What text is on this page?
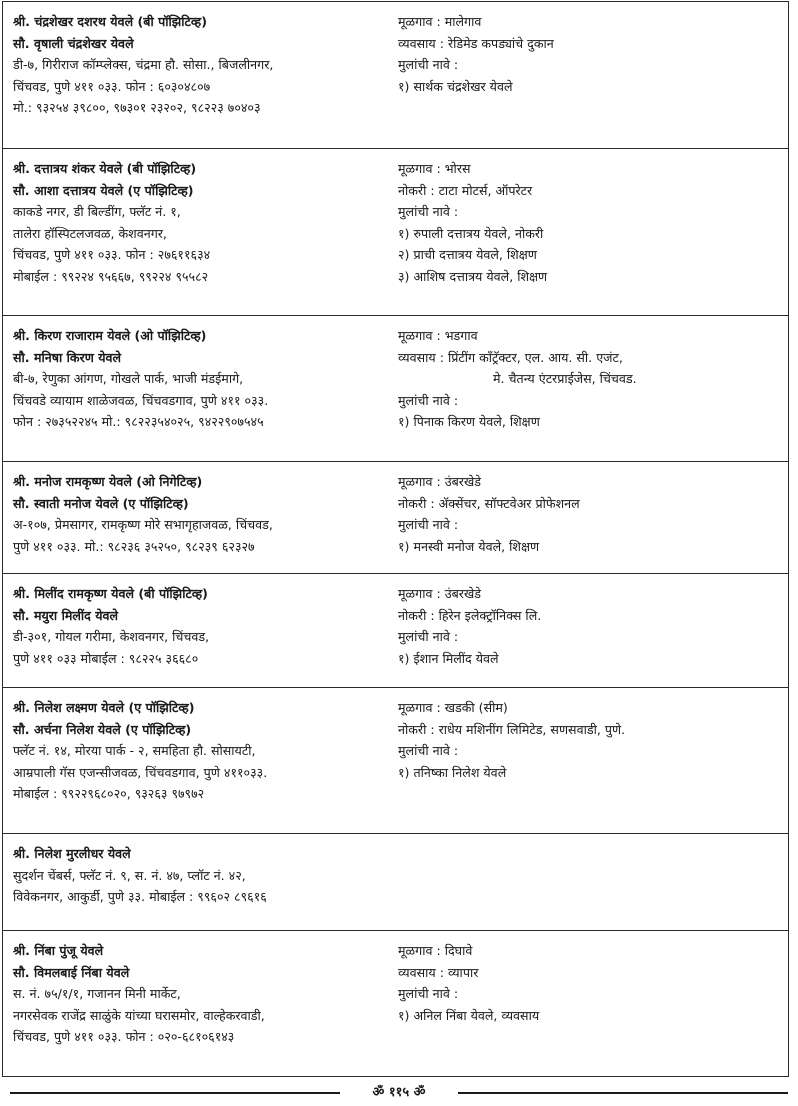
श्री. चंद्रशेखर दशरथ येवले (बी पॉझिटिव्ह)
सौ. वृषाली चंद्रशेखर येवले
डी-७, गिरीराज कॉम्प्लेक्स, चंद्रमा हौ. सोसा., बिजलीनगर,
चिंचवड, पुणे ४११ ०३३. फोन : ६०३०४८०७
मो.: ९३२५४ ३९८००, ९७३०१ २३२०२, ९८२२३ ७०४०३
मूळगाव : मालेगाव
व्यवसाय : रेडिमेड कपड्यांचे दुकान
मुलांची नावे :
१) सार्थक चंद्रशेखर येवले
श्री. दत्तात्रय शंकर येवले (बी पॉझिटिव्ह)
सौ. आशा दत्तात्रय येवले (ए पॉझिटिव्ह)
काकडे नगर, डी बिल्डींग, फ्लॅट नं. १,
तालेरा हॉस्पिटलजवळ, केशवनगर,
चिंचवड, पुणे ४११ ०३३. फोन : २७६११६३४
मोबाईल : ९९२२४ ९५६६७, ९९२२४ ९५५८२
मूळगाव : भोरस
नोकरी : टाटा मोटर्स, ऑपरेटर
मुलांची नावे :
१) रुपाली दत्तात्रय येवले, नोकरी
२) प्राची दत्तात्रय येवले, शिक्षण
३) आशिष दत्तात्रय येवले, शिक्षण
श्री. किरण राजाराम येवले (ओ पॉझिटिव्ह)
सौ. मनिषा किरण येवले
बी-७, रेणुका आंगण, गोखले पार्क, भाजी मंडईमागे,
चिंचवडे व्यायाम शाळेजवळ, चिंचवडगाव, पुणे ४११ ०३३.
फोन : २७३५२२४५ मो.: ९८२२३५४०२५, ९४२२९०७५४५
मूळगाव : भडगाव
व्यवसाय : प्रिंटींग कॉंट्रॅक्टर, एल. आय. सी. एजंट,
मे. चैतन्य एंटरप्राईजेस, चिंचवड.
मुलांची नावे :
१) पिनाक किरण येवले, शिक्षण
श्री. मनोज रामकृष्ण येवले (ओ निगेटिव्ह)
सौ. स्वाती मनोज येवले (ए पॉझिटिव्ह)
अ-१०७, प्रेमसागर, रामकृष्ण मोरे सभागृहाजवळ, चिंचवड,
पुणे ४११ ०३३. मो.: ९८२३६ ३५२५०, ९८२३९ ६२३२७
मूळगाव : उंबरखेडे
नोकरी : ॲक्सेंचर, सॉफ्टवेअर प्रोफेशनल
मुलांची नावे :
१) मनस्वी मनोज येवले, शिक्षण
श्री. मिलींद रामकृष्ण येवले (बी पॉझिटिव्ह)
सौ. मयुरा मिलींद येवले
डी-३०१, गोयल गरीमा, केशवनगर, चिंचवड,
पुणे ४११ ०३३ मोबाईल : ९८२२५ ३६६८०
मूळगाव : उंबरखेडे
नोकरी : हिरेन इलेक्ट्रॉनिक्स लि.
मुलांची नावे :
१) ईशान मिलींद येवले
श्री. निलेश लक्ष्मण येवले (ए पॉझिटिव्ह)
सौ. अर्चना निलेश येवले (ए पॉझिटिव्ह)
फ्लॅट नं. १४, मोरया पार्क - २, समहिता हौ. सोसायटी,
आम्रपाली गॅस एजन्सीजवळ, चिंचवडगाव, पुणे ४११०३३.
मोबाईल : ९९२२९६८०२०, ९३२६३ ९७९७२
मूळगाव : खडकी (सीम)
नोकरी : राधेय मशिनींग लिमिटेड, सणसवाडी, पुणे.
मुलांची नावे :
१) तनिष्का निलेश येवले
श्री. निलेश मुरलीधर येवले
सुदर्शन चेंबर्स, फ्लॅट नं. ९, स. नं. ४७, प्लॉट नं. ४२,
विवेकनगर, आकुर्डी, पुणे ३३. मोबाईल : ९९६०२ ८९६१६
श्री. निंबा पुंजू येवले
सौ. विमलबाई निंबा येवले
स. नं. ७५/१/१, गजानन मिनी मार्केट,
नगरसेवक राजेंद्र साळुंके यांच्या घरासमोर, वाल्हेकरवाडी,
चिंचवड, पुणे ४११ ०३३. फोन : ०२०-६८१०६१४३
मूळगाव : दिघावे
व्यवसाय : व्यापार
मुलांची नावे :
१) अनिल निंबा येवले, व्यवसाय
ॐ ११५ ॐ
